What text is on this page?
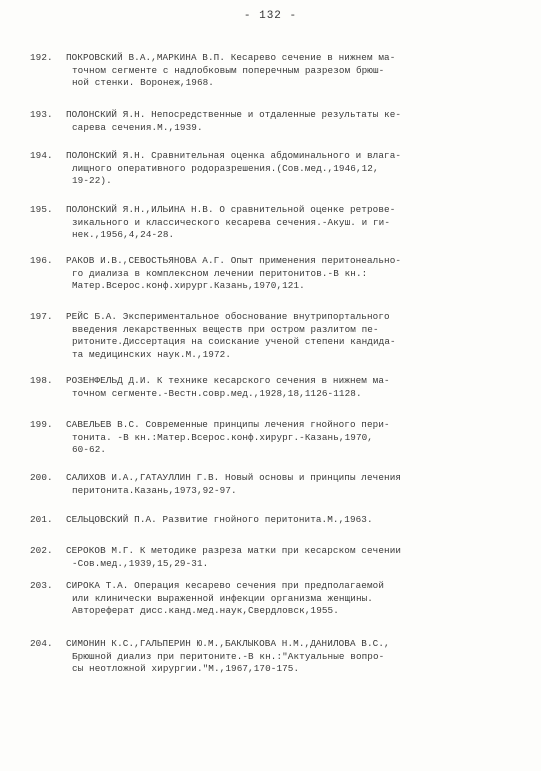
- 132 -
192.	ПОКРОВСКИЙ В.А.,МАРКИНА В.П. Кесарево сечение в нижнем ма-
точном сегменте с надлобковым поперечным разрезом брюш-
ной стенки. Воронеж,1968.
193.	ПОЛОНСКИЙ Я.Н. Непосредственные и отдаленные результаты ке-
сарева сечения.М.,1939.
194.	ПОЛОНСКИЙ Я.Н. Сравнительная оценка абдоминального и влага-
лищного оперативного родоразрешения.(Сов.мед.,1946,12,
19-22).
195.	ПОЛОНСКИЙ Я.Н.,ИЛЬИНА Н.В. О сравнительной оценке ретрове-
зикального и классического кесарева сечения.-Акуш. и ги-
нек.,1956,4,24-28.
196.	РАКОВ И.В.,СЕВОСТЬЯНОВА А.Г. Опыт применения перитонеально-
го диализа в комплексном лечении перитонитов.-В кн.:
Матер.Всерос.конф.хирург.Казань,1970,121.
197.	РЕЙС Б.А. Экспериментальное обоснование внутрипортального
введения лекарственных веществ при остром разлитом пе-
ритоните.Диссертация на соискание ученой степени кандида-
та медицинских наук.М.,1972.
198.	РОЗЕНФЕЛЬД Д.И. К технике кесарского сечения в нижнем ма-
точном сегменте.-Вестн.совр.мед.,1928,18,1126-1128.
199.	САВЕЛЬЕВ В.С. Современные принципы лечения гнойного пери-
тонита. -В кн.:Матер.Всерос.конф.хирург.-Казань,1970,
60-62.
200.	САЛИХОВ И.А.,ГАТАУЛЛИН Г.В. Новый основы и принципы лечения
перитонита.Казань,1973,92-97.
201.	СЕЛЬЦОВСКИЙ П.А. Развитие гнойного перитонита.М.,1963.
202.	СЕРОКОВ М.Г. К методике разреза матки при кесарском сечении
-Сов.мед.,1939,15,29-31.
203.	СИРОКА Т.А. Операция кесарево сечения при предполагаемой
или клинически выраженной инфекции организма женщины.
Автореферат дисс.канд.мед.наук,Свердловск,1955.
204.	СИМОНИН К.С.,ГАЛЬПЕРИН Ю.М.,БАКЛЫКОВА Н.М.,ДАНИЛОВА В.С.,
Брюшной диализ при перитоните.-В кн.:"Актуальные вопро-
сы неотложной хирургии."М.,1967,170-175.
